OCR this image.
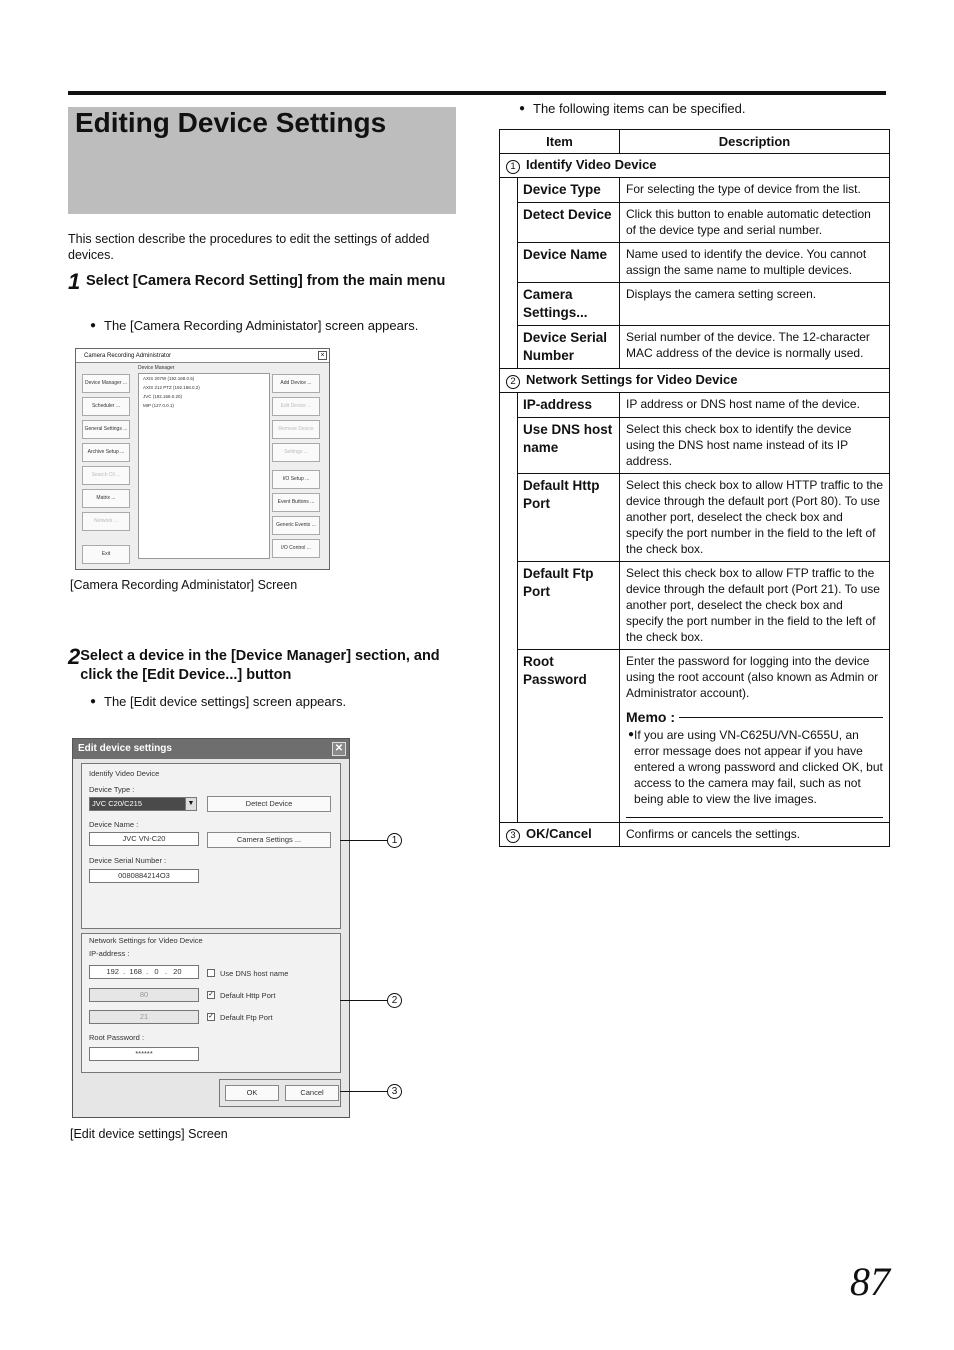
Editing Device Settings
This section describe the procedures to edit the settings of added devices.
1 Select [Camera Record Setting] from the main menu
● The [Camera Recording Administator] screen appears.
Camera Recording Administrator	×
Device Manager
Device Manager ...
Scheduler ...
General Settings ...
Archive Setup ...
Search Cli ...
Matrix ...
Network ...
Exit
AXIS 207W (192.168.0.5)
AXIS 212 PTZ (192.168.0.2)
JVC (192.168.0.20)
MIP (127.0.0.1)
Add Device ...
Edit Device ...
Remove Device
Settings ...
I/O Setup ...
Event Buttons ...
Generic Events ...
I/O Control ...
[Camera Recording Administator] Screen
2 Select a device in the [Device Manager] section, and click the [Edit Device...] button
● The [Edit device settings] screen appears.
Edit device settings	✕
Identify Video Device
Device Type :
JVC C20/C215	▼	Detect Device
Device Name :
JVC VN-C20	Camera Settings ...
Device Serial Number :
0080884214O3
Network Settings for Video Device
IP-address :
192  .  168  .   0   .   20	Use DNS host name
80	✓ Default Http Port
21	✓ Default Ftp Port
Root Password :
******
OK	Cancel
1
2
3
[Edit device settings] Screen
● The following items can be specified.
Item		Description
1 Identify Video Device		
	Device Type	For selecting the type of device from the list.
	Detect Device	Click this button to enable automatic detection of the device type and serial number.
	Device Name	Name used to identify the device. You cannot assign the same name to multiple devices.
	Camera Settings...	Displays the camera setting screen.
	Device Serial Number	Serial number of the device. The 12-character MAC address of the device is normally used.
2 Network Settings for Video Device		
	IP-address	IP address or DNS host name of the device.
	Use DNS host name	Select this check box to identify the device using the DNS host name instead of its IP address.
	Default Http Port	Select this check box to allow HTTP traffic to the device through the default port (Port 80). To use another port, deselect the check box and specify the port number in the field to the left of the check box.
	Default Ftp Port	Select this check box to allow FTP traffic to the device through the default port (Port 21). To use another port, deselect the check box and specify the port number in the field to the left of the check box.
	Root Password	Enter the password for logging into the device using the root account (also known as Admin or Administrator account).
Memo :
● If you are using VN-C625U/VN-C655U, an error message does not appear if you have entered a wrong password and clicked OK, but access to the camera may fail, such as not being able to view the live images.

3 OK/Cancel		Confirms or cancels the settings.
87
